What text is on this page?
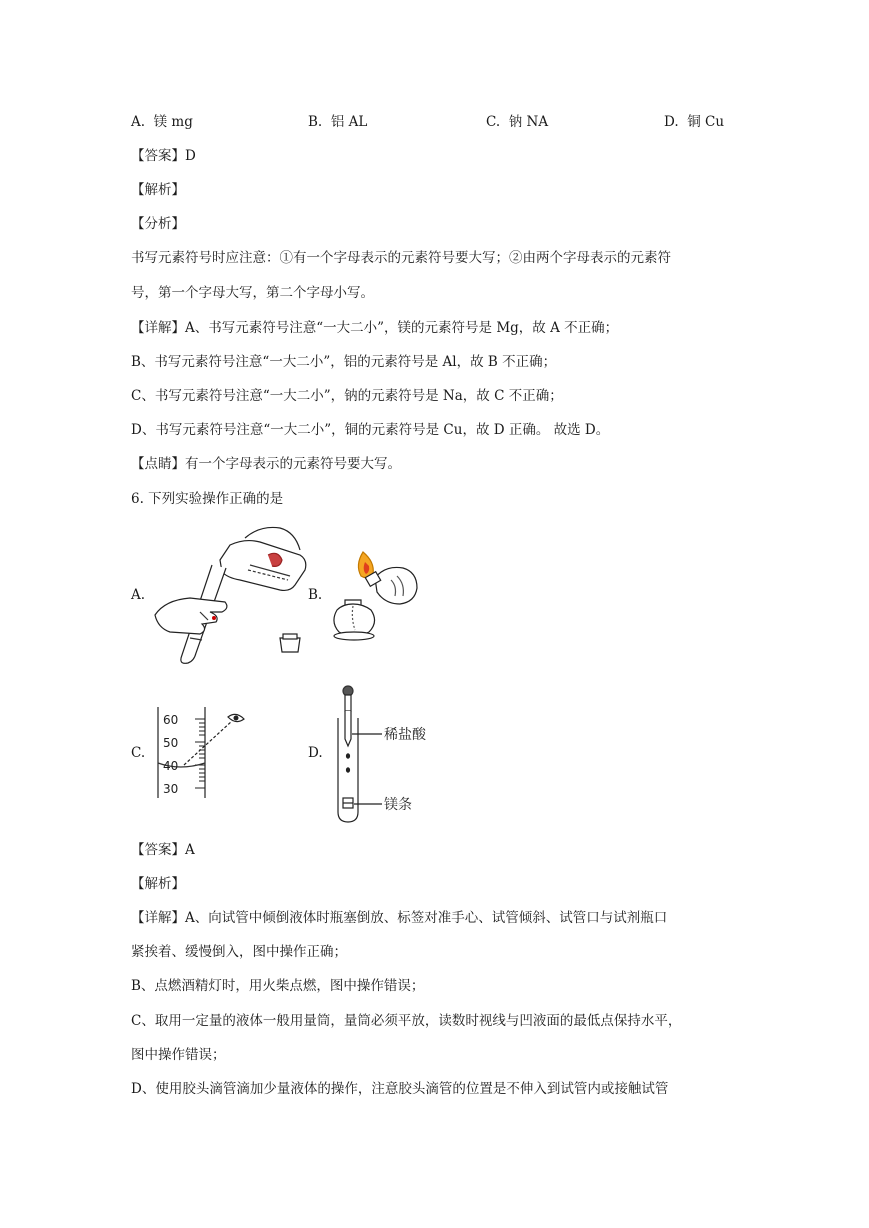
A. 镁 mg	B. 铝 AL	C. 钠 NA	D. 铜 Cu
【答案】D
【解析】
【分析】
书写元素符号时应注意：①有一个字母表示的元素符号要大写；②由两个字母表示的元素符
号，第一个字母大写，第二个字母小写。
【详解】A、书写元素符号注意“一大二小”，镁的元素符号是 Mg，故 A 不正确；
B、书写元素符号注意“一大二小”，铝的元素符号是 Al，故 B 不正确；
C、书写元素符号注意“一大二小”，钠的元素符号是 Na，故 C 不正确；
D、书写元素符号注意“一大二小”，铜的元素符号是 Cu，故 D 正确。 故选 D。
【点睛】有一个字母表示的元素符号要大写。
6. 下列实验操作正确的是
A.	B.
C.	D.
60
50
40
30
稀盐酸
镁条
【答案】A
【解析】
【详解】A、向试管中倾倒液体时瓶塞倒放、标签对准手心、试管倾斜、试管口与试剂瓶口
紧挨着、缓慢倒入，图中操作正确；
B、点燃酒精灯时，用火柴点燃，图中操作错误；
C、取用一定量的液体一般用量筒，量筒必须平放，读数时视线与凹液面的最低点保持水平，
图中操作错误；
D、使用胶头滴管滴加少量液体的操作，注意胶头滴管的位置是不伸入到试管内或接触试管
